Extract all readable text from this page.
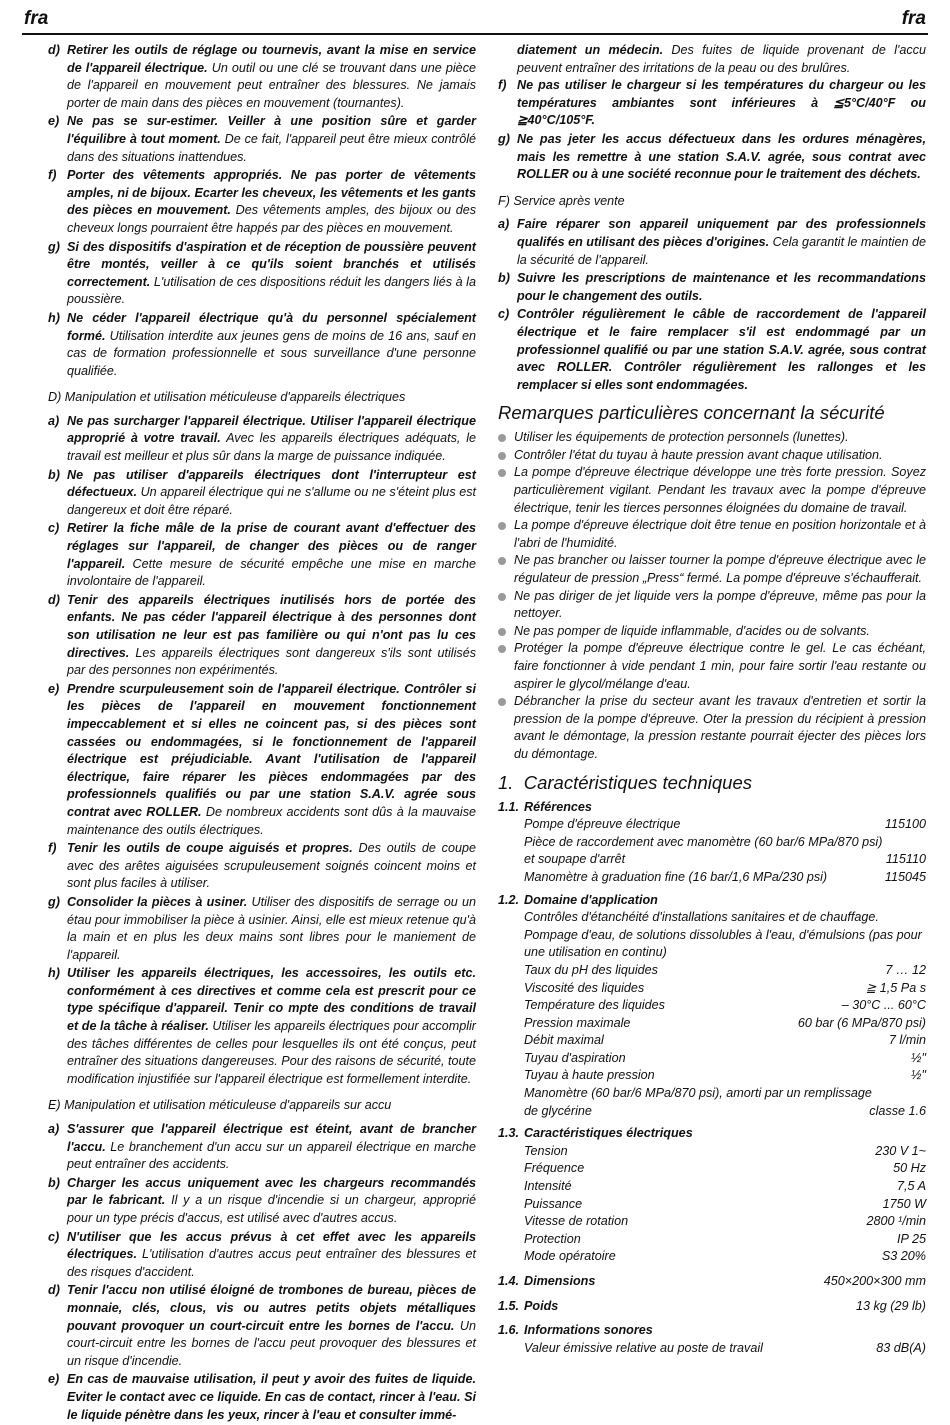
fra	fra
d) Retirer les outils de réglage ou tournevis, avant la mise en service de l'appareil électrique. Un outil ou une clé se trouvant dans une pièce de l'appareil en mouvement peut entraîner des blessures. Ne jamais porter de main dans des pièces en mouvement (tournantes).
e) Ne pas se sur-estimer. Veiller à une position sûre et garder l'équilibre à tout moment. De ce fait, l'appareil peut être mieux contrôlé dans des situations inattendues.
f) Porter des vêtements appropriés. Ne pas porter de vêtements amples, ni de bijoux. Ecarter les cheveux, les vêtements et les gants des pièces en mouvement. Des vêtements amples, des bijoux ou des cheveux longs pourraient être happés par des pièces en mouvement.
g) Si des dispositifs d'aspiration et de réception de poussière peuvent être montés, veiller à ce qu'ils soient branchés et utilisés correctement. L'utilisation de ces dispositions réduit les dangers liés à la poussière.
h) Ne céder l'appareil électrique qu'à du personnel spécialement formé. Utilisation interdite aux jeunes gens de moins de 16 ans, sauf en cas de formation professionnelle et sous surveillance d'une personne qualifiée.
D) Manipulation et utilisation méticuleuse d'appareils électriques
a) Ne pas surcharger l'appareil électrique. Utiliser l'appareil électrique approprié à votre travail. Avec les appareils électriques adéquats, le travail est meilleur et plus sûr dans la marge de puissance indiquée.
b) Ne pas utiliser d'appareils électriques dont l'interrupteur est défectueux. Un appareil électrique qui ne s'allume ou ne s'éteint plus est dangereux et doit être réparé.
c) Retirer la fiche mâle de la prise de courant avant d'effectuer des réglages sur l'appareil, de changer des pièces ou de ranger l'appareil. Cette mesure de sécurité empêche une mise en marche involontaire de l'appareil.
d) Tenir des appareils électriques inutilisés hors de portée des enfants. Ne pas céder l'appareil électrique à des personnes dont son utilisation ne leur est pas familière ou qui n'ont pas lu ces directives. Les appareils électriques sont dangereux s'ils sont utilisés par des personnes non expérimentés.
e) Prendre scurpuleusement soin de l'appareil électrique. Contrôler si les pièces de l'appareil en mouvement fonctionnement impeccablement et si elles ne coincent pas, si des pièces sont cassées ou endommagées, si le fonctionnement de l'appareil électrique est préjudiciable. Avant l'utilisation de l'appareil électrique, faire réparer les pièces endommagées par des professionnels qualifiés ou par une station S.A.V. agrée sous contrat avec ROLLER. De nombreux accidents sont dûs à la mauvaise maintenance des outils électriques.
f) Tenir les outils de coupe aiguisés et propres. Des outils de coupe avec des arêtes aiguisées scrupuleusement soignés coincent moins et sont plus faciles à utiliser.
g) Consolider la pièces à usiner. Utiliser des dispositifs de serrage ou un étau pour immobiliser la pièce à usinier. Ainsi, elle est mieux retenue qu'à la main et en plus les deux mains sont libres pour le maniement de l'appareil.
h) Utiliser les appareils électriques, les accessoires, les outils etc. conformément à ces directives et comme cela est prescrit pour ce type spécifique d'appareil. Tenir co mpte des conditions de travail et de la tâche à réaliser. Utiliser les appareils électriques pour accomplir des tâches différentes de celles pour lesquelles ils ont été conçus, peut entraîner des situations dangereuses. Pour des raisons de sécurité, toute modification injustifiée sur l'appareil électrique est formellement interdite.
E) Manipulation et utilisation méticuleuse d'appareils sur accu
a) S'assurer que l'appareil électrique est éteint, avant de brancher l'accu. Le branchement d'un accu sur un appareil électrique en marche peut entraîner des accidents.
b) Charger les accus uniquement avec les chargeurs recommandés par le fabricant. Il y a un risque d'incendie si un chargeur, approprié pour un type précis d'accus, est utilisé avec d'autres accus.
c) N'utiliser que les accus prévus à cet effet avec les appareils électriques. L'utilisation d'autres accus peut entraîner des blessures et des risques d'accident.
d) Tenir l'accu non utilisé éloigné de trombones de bureau, pièces de monnaie, clés, clous, vis ou autres petits objets métalliques pouvant provoquer un court-circuit entre les bornes de l'accu. Un court-circuit entre les bornes de l'accu peut provoquer des blessures et un risque d'incendie.
e) En cas de mauvaise utilisation, il peut y avoir des fuites de liquide. Eviter le contact avec ce liquide. En cas de contact, rincer à l'eau. Si le liquide pénètre dans les yeux, rincer à l'eau et consulter immé-
diatement un médecin. Des fuites de liquide provenant de l'accu peuvent entraîner des irritations de la peau ou des brulûres.
f) Ne pas utiliser le chargeur si les températures du chargeur ou les températures ambiantes sont inférieures à ≦5°C/40°F ou ≧40°C/105°F.
g) Ne pas jeter les accus défectueux dans les ordures ménagères, mais les remettre à une station S.A.V. agrée, sous contrat avec ROLLER ou à une société reconnue pour le traitement des déchets.
F) Service après vente
a) Faire réparer son appareil uniquement par des professionnels qualifés en utilisant des pièces d'origines. Cela garantit le maintien de la sécurité de l'appareil.
b) Suivre les prescriptions de maintenance et les recommandations pour le changement des outils.
c) Contrôler régulièrement le câble de raccordement de l'appareil électrique et le faire remplacer s'il est endommagé par un professionnel qualifié ou par une station S.A.V. agrée, sous contrat avec ROLLER. Contrôler régulièrement les rallonges et les remplacer si elles sont endommagées.
Remarques particulières concernant la sécurité
Utiliser les équipements de protection personnels (lunettes).
Contrôler l'état du tuyau à haute pression avant chaque utilisation.
La pompe d'épreuve électrique développe une très forte pression. Soyez particulièrement vigilant. Pendant les travaux avec la pompe d'épreuve électrique, tenir les tierces personnes éloignées du domaine de travail.
La pompe d'épreuve électrique doit être tenue en position horizontale et à l'abri de l'humidité.
Ne pas brancher ou laisser tourner la pompe d'épreuve électrique avec le régulateur de pression „Press“ fermé. La pompe d'épreuve s'échaufferait.
Ne pas diriger de jet liquide vers la pompe d'épreuve, même pas pour la nettoyer.
Ne pas pomper de liquide inflammable, d'acides ou de solvants.
Protéger la pompe d'épreuve électrique contre le gel. Le cas échéant, faire fonctionner à vide pendant 1 min, pour faire sortir l'eau restante ou aspirer le glycol/mélange d'eau.
Débrancher la prise du secteur avant les travaux d'entretien et sortir la pression de la pompe d'épreuve. Oter la pression du récipient à pression avant le démontage, la pression restante pourrait éjecter des pièces lors du démontage.
1. Caractéristiques techniques
1.1. Références
Pompe d'épreuve électrique	115100
Pièce de raccordement avec manomètre (60 bar/6 MPa/870 psi)
et soupape d'arrêt	115110
Manomètre à graduation fine (16 bar/1,6 MPa/230 psi)	115045
1.2. Domaine d'application
Contrôles d'étanchéité d'installations sanitaires et de chauffage.
Pompage d'eau, de solutions dissolubles à l'eau, d'émulsions (pas pour une utilisation en continu)
Taux du pH des liquides	7 … 12
Viscosité des liquides	≧ 1,5 Pa s
Température des liquides	– 30°C ... 60°C
Pression maximale	60 bar (6 MPa/870 psi)
Débit maximal	7 l/min
Tuyau d'aspiration	½"
Tuyau à haute pression	½"
Manomètre (60 bar/6 MPa/870 psi), amorti par un remplissage
de glycérine	classe 1.6
1.3. Caractéristiques électriques
Tension	230 V 1~
Fréquence	50 Hz
Intensité	7,5 A
Puissance	1750 W
Vitesse de rotation	2800 ¹/min
Protection	IP 25
Mode opératoire	S3 20%
1.4. Dimensions	450×200×300 mm
1.5. Poids	13 kg (29 lb)
1.6. Informations sonores
Valeur émissive relative au poste de travail	83 dB(A)
